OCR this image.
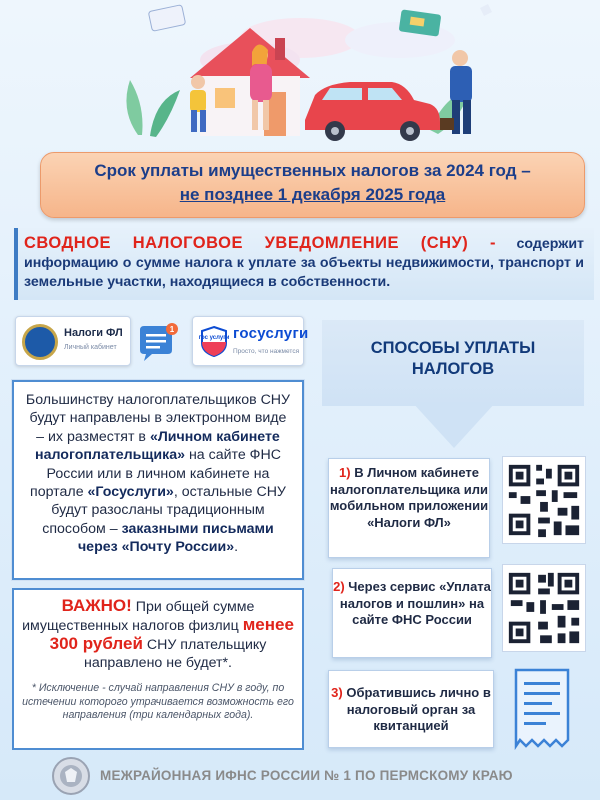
Срок уплаты имущественных налогов за 2024 год –
не позднее 1 декабря 2025 года
СВОДНОЕ НАЛОГОВОЕ УВЕДОМЛЕНИЕ (СНУ) - содержит информацию о сумме налога к уплате за объекты недвижимости, транспорт и земельные участки, находящиеся в собственности.
Налоги ФЛ
Личный кабинет
1
гос услуги госуслуги
Просто, что нажмется	СПОСОБЫ УПЛАТЫ
НАЛОГОВ
Большинству налогоплательщиков СНУ будут направлены в электронном виде – их разместят в «Личном кабинете налогоплательщика» на сайте ФНС России или в личном кабинете на портале «Госуслуги», остальные СНУ будут разосланы традиционным способом – заказными письмами через «Почту России».
ВАЖНО! При общей сумме имущественных налогов физлиц менее 300 рублей СНУ плательщику направлено не будет*.
* Исключение - случай направления СНУ в году, по истечении которого утрачивается возможность его направления (три календарных года).
1) В Личном кабинете налогоплательщика или мобильном приложении «Налоги ФЛ»
2) Через сервис «Уплата налогов и пошлин» на сайте ФНС России
3) Обратившись лично в налоговый орган за квитанцией
МЕЖРАЙОННАЯ ИФНС РОССИИ № 1 ПО ПЕРМСКОМУ КРАЮ
